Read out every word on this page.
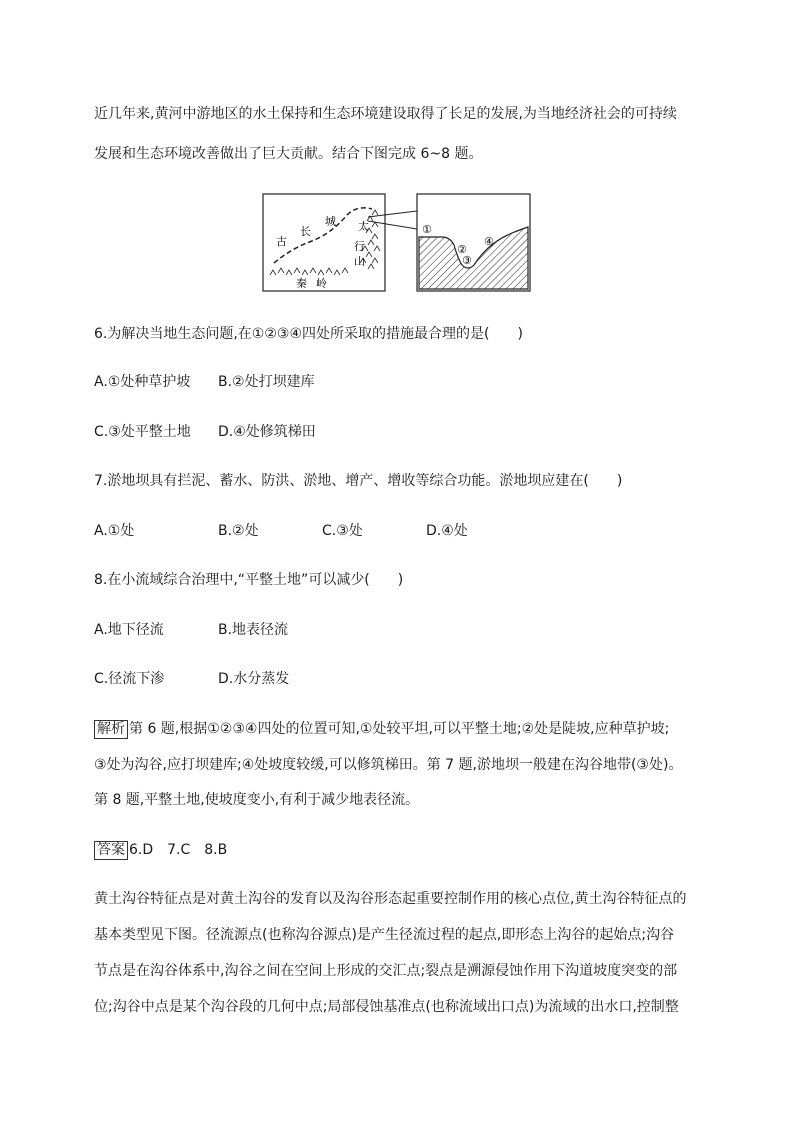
近几年来,黄河中游地区的水土保持和生态环境建设取得了长足的发展,为当地经济社会的可持续
发展和生态环境改善做出了巨大贡献。结合下图完成 6~8 题。
古
长
城 太
行
山
秦 岭
①
②
③
④
6.为解决当地生态问题,在①②③④四处所采取的措施最合理的是(　　)
A.①处种草护坡 B.②处打坝建库
C.③处平整土地 D.④处修筑梯田
7.淤地坝具有拦泥、蓄水、防洪、淤地、增产、增收等综合功能。淤地坝应建在(　　)
A.①处	B.②处	C.③处	D.④处
8.在小流域综合治理中,“平整土地”可以减少(　　)
A.地下径流	B.地表径流
C.径流下渗	D.水分蒸发
解析 第 6 题,根据①②③④四处的位置可知,①处较平坦,可以平整土地;②处是陡坡,应种草护坡;
③处为沟谷,应打坝建库;④处坡度较缓,可以修筑梯田。第 7 题,淤地坝一般建在沟谷地带(③处)。
第 8 题,平整土地,使坡度变小,有利于减少地表径流。
答案 6.D　7.C　8.B
黄土沟谷特征点是对黄土沟谷的发育以及沟谷形态起重要控制作用的核心点位,黄土沟谷特征点的
基本类型见下图。径流源点(也称沟谷源点)是产生径流过程的起点,即形态上沟谷的起始点;沟谷
节点是在沟谷体系中,沟谷之间在空间上形成的交汇点;裂点是溯源侵蚀作用下沟道坡度突变的部
位;沟谷中点是某个沟谷段的几何中点;局部侵蚀基准点(也称流域出口点)为流域的出水口,控制整
